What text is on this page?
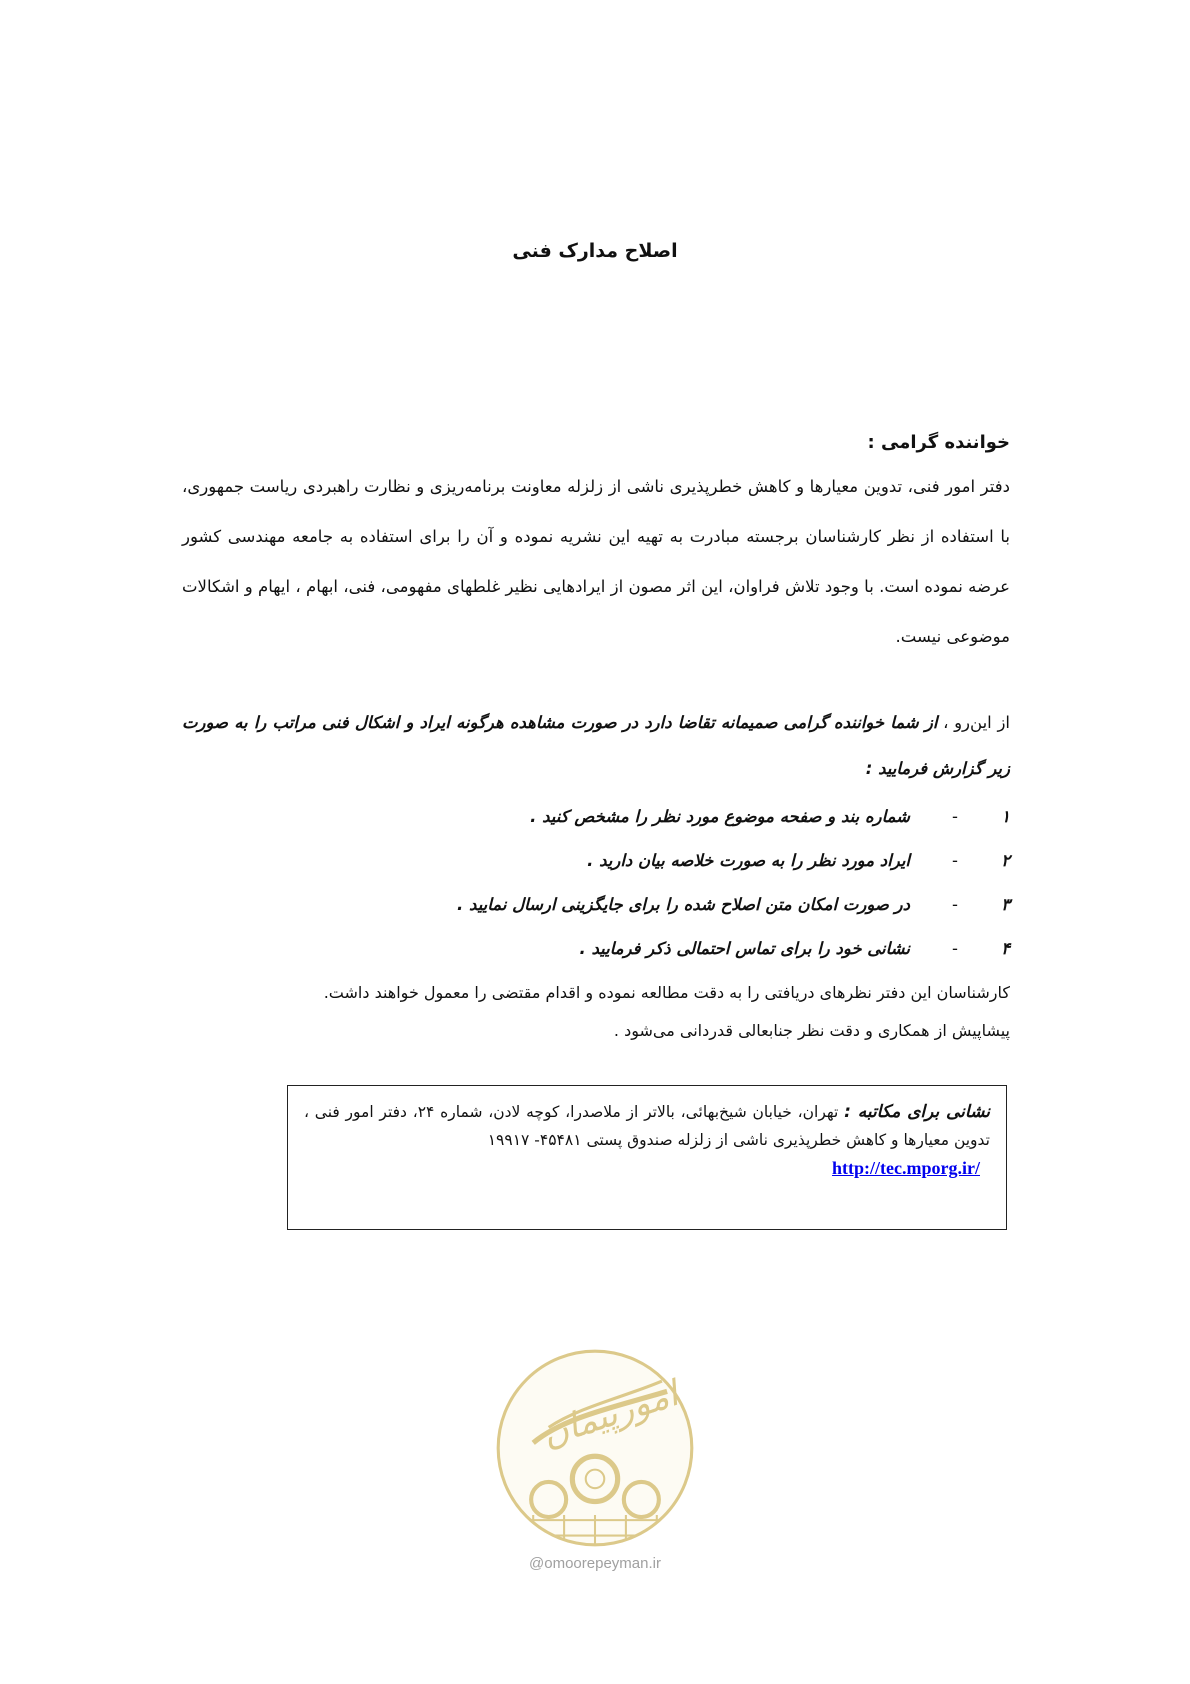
اصلاح مدارک فنی

خواننده گرامی :

دفتر امور فنی، تدوین معیارها و کاهش خطرپذیری ناشی از زلزله معاونت برنامه‌ریزی و نظارت راهبردی ریاست جمهوری، با استفاده از نظر کارشناسان برجسته مبادرت به تهیه این نشریه نموده و آن را برای استفاده به جامعه مهندسی کشور عرضه نموده است. با وجود تلاش فراوان، این اثر مصون از ایرادهایی نظیر غلطهای مفهومی، فنی، ابهام ، ایهام و اشکالات موضوعی نیست.

از این‌رو ، از شما خواننده گرامی صمیمانه تقاضا دارد در صورت مشاهده هرگونه ایراد و اشکال فنی مراتب را به صورت زیر گزارش فرمایید :

۱
-
شماره بند و صفحه موضوع مورد نظر را مشخص کنید .
۲
-
ایراد مورد نظر را به صورت خلاصه بیان دارید .
۳
-
در صورت امکان متن اصلاح شده را برای جایگزینی ارسال نمایید .
۴
-
نشانی خود را برای تماس احتمالی ذکر فرمایید .

کارشناسان این دفتر نظرهای دریافتی را به دقت مطالعه نموده و اقدام مقتضی را معمول خواهند داشت.
پیشاپیش از همکاری و دقت نظر جنابعالی قدردانی می‌شود .

نشانی برای مکاتبه : تهران، خیابان شیخ‌بهائی، بالاتر از ملاصدرا، کوچه لادن، شماره ۲۴، دفتر امور فنی ، تدوین معیارها و کاهش خطرپذیری ناشی از زلزله صندوق پستی ۴۵۴۸۱- ۱۹۹۱۷
http://tec.mporg.ir/
امورپیمان
@omoorepeyman.ir
